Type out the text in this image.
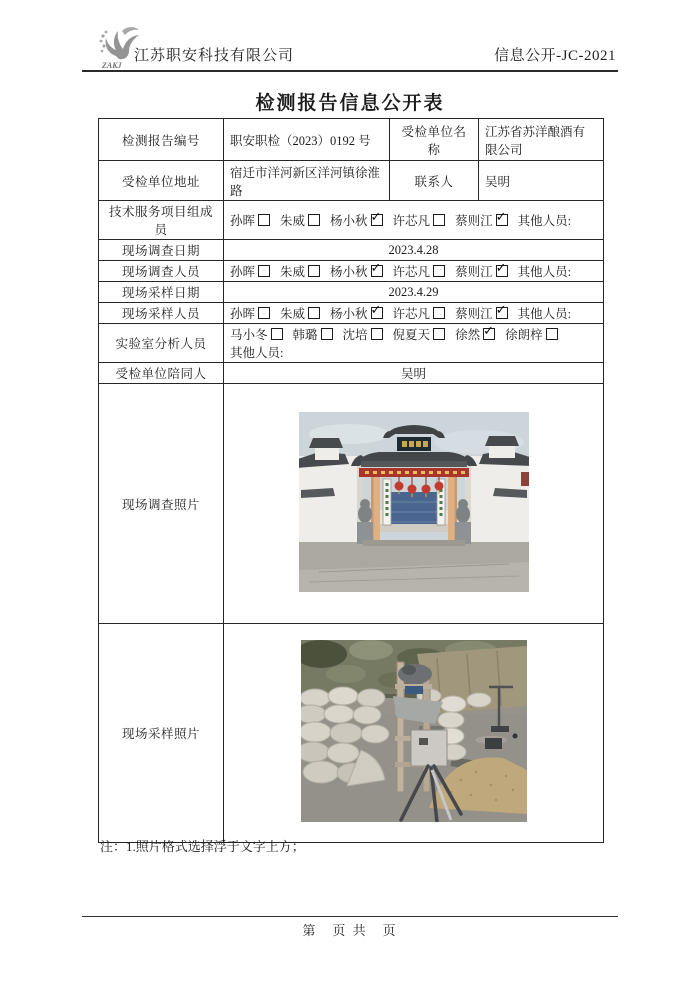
ZAKJ
江苏职安科技有限公司	信息公开-JC-2021
检测报告信息公开表
检测报告编号	职安职检（2023）0192 号	受检单位名称	江苏省苏洋酿酒有限公司
受检单位地址	宿迁市洋河新区洋河镇徐淮路	联系人	吴明
技术服务项目组成员	孙晖 朱威 杨小秋 ✓ 许芯凡 蔡则江 ✓ 其他人员:
现场调查日期	2023.4.28		
现场调查人员	孙晖 朱威 杨小秋 ✓ 许芯凡 蔡则江 ✓ 其他人员:
现场采样日期	2023.4.29		
现场采样人员	孙晖 朱威 杨小秋 ✓ 许芯凡 蔡则江 ✓ 其他人员:
实验室分析人员	马小冬 韩璐 沈培 倪夏天 徐然 ✓ 徐朗梓
其他人员:

受检单位陪同人	吴明		
现场调查照片	
现场采样照片	
注：1.照片格式选择浮于文字上方；
第　页 共　页
